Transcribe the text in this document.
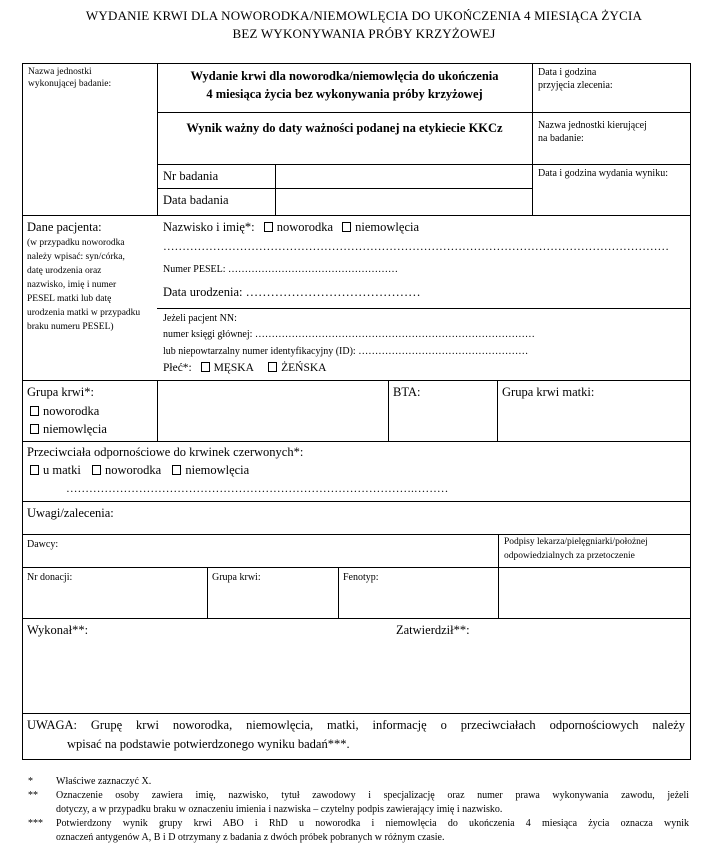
WYDANIE KRWI DLA NOWORODKA/NIEMOWLĘCIA DO UKOŃCZENIA 4 MIESIĄCA ŻYCIA
BEZ WYKONYWANIA PRÓBY KRZYŻOWEJ
Nazwa jednostki
wykonującej badanie:
Wydanie krwi dla noworodka/niemowlęcia do ukończenia
4 miesiąca życia bez wykonywania próby krzyżowej
Wynik ważny do daty ważności podanej na etykiecie KKCz
Data i godzina
przyjęcia zlecenia:
Nazwa jednostki kierującej
na badanie:
Data i godzina wydania wyniku:
Nr badania
Data badania
Dane pacjenta:
(w przypadku noworodka
należy wpisać: syn/córka,
datę urodzenia oraz
nazwisko, imię i numer
PESEL matki lub datę
urodzenia matki w przypadku
braku numeru PESEL)
Nazwisko i imię*: noworodka niemowlęcia
……………………………………………………………………………………………………………………
Numer PESEL: ……………………………………………
Data urodzenia: ……………………………………
Jeżeli pacjent NN:
numer księgi głównej: …………………………………………………………………………
lub niepowtarzalny numer identyfikacyjny (ID): ……………………………………………
Płeć*: MĘSKA ŻEŃSKA
Grupa krwi*:
noworodka
niemowlęcia
BTA:	Grupa krwi matki:
Przeciwciała odpornościowe do krwinek czerwonych*:
u matki noworodka niemowlęcia
……………………………………………………………………………….………
Uwagi/zalecenia:
Dawcy:	Podpisy lekarza/pielęgniarki/położnej
odpowiedzialnych za przetoczenie
Nr donacji:	Grupa krwi:	Fenotyp:
Wykonał**:	Zatwierdził**:
UWAGA: Grupę krwi noworodka, niemowlęcia, matki, informację o przeciwciałach odpornościowych należy
wpisać na podstawie potwierdzonego wyniku badań***.
* Właściwe zaznaczyć X.
** Oznaczenie osoby zawiera imię, nazwisko, tytuł zawodowy i specjalizację oraz numer prawa wykonywania zawodu, jeżeli
dotyczy, a w przypadku braku w oznaczeniu imienia i nazwiska – czytelny podpis zawierający imię i nazwisko.
*** Potwierdzony wynik grupy krwi ABO i RhD u noworodka i niemowlęcia do ukończenia 4 miesiąca życia oznacza wynik
oznaczeń antygenów A, B i D otrzymany z badania z dwóch próbek pobranych w różnym czasie.
